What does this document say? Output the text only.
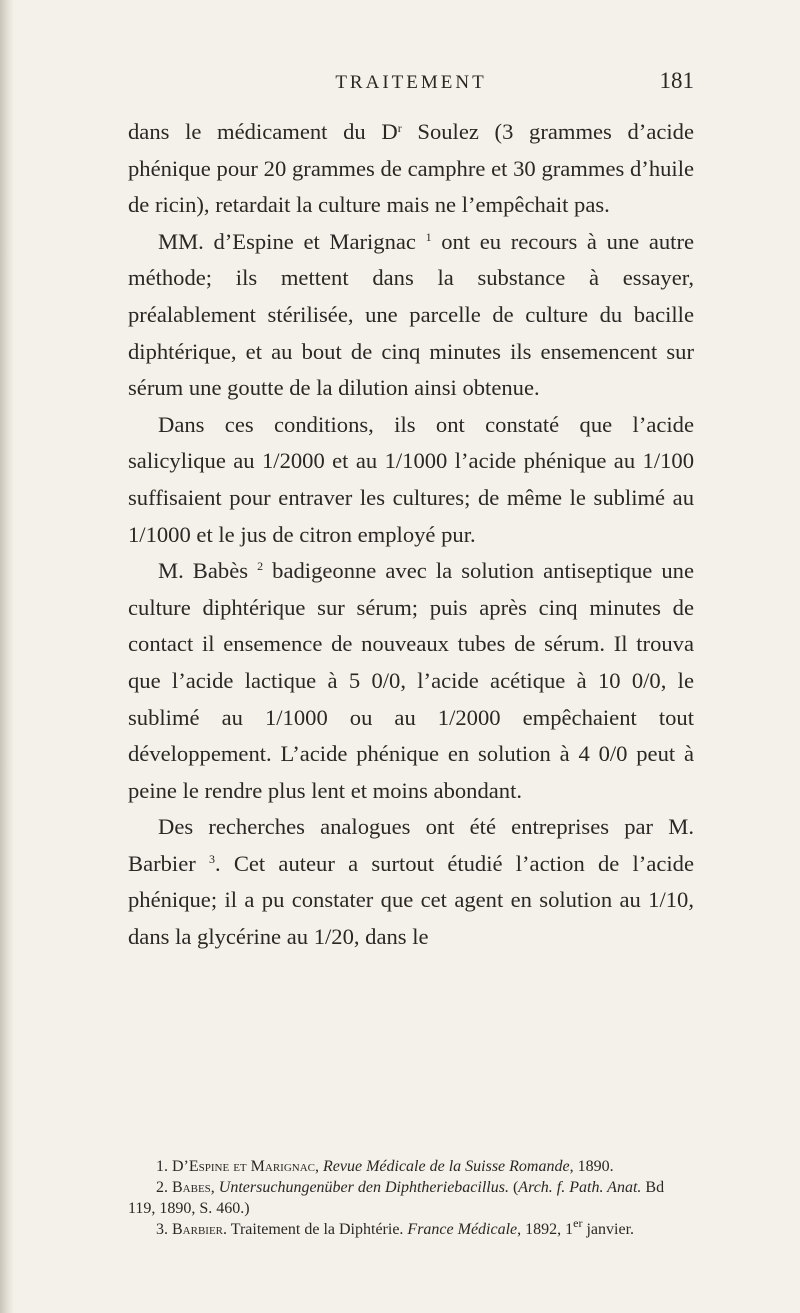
TRAITEMENT	181

dans le médicament du $D^r$ Soulez (3 grammes d’acide phénique pour 20 grammes de camphre et 30 grammes d’huile de ricin), retardait la culture mais ne l’empêchait pas.

MM. d’Espine et Marignac $^1$ ont eu recours à une autre méthode; ils mettent dans la substance à essayer, préalablement stérilisée, une parcelle de culture du bacille diphtérique, et au bout de cinq minutes ils ensemencent sur sérum une goutte de la dilution ainsi obtenue.

Dans ces conditions, ils ont constaté que l’acide salicylique au 1/2000 et au 1/1000 l’acide phénique au 1/100 suffisaient pour entraver les cultures; de même le sublimé au 1/1000 et le jus de citron employé pur.

M. Babès $^2$ badigeonne avec la solution antiseptique une culture diphtérique sur sérum; puis après cinq minutes de contact il ensemence de nouveaux tubes de sérum. Il trouva que l’acide lactique à 5 0/0, l’acide acétique à 10 0/0, le sublimé au 1/1000 ou au 1/2000 empêchaient tout développement. L’acide phénique en solution à 4 0/0 peut à peine le rendre plus lent et moins abondant.

Des recherches analogues ont été entreprises par M. Barbier $^3$. Cet auteur a surtout étudié l’action de l’acide phénique; il a pu constater que cet agent en solution au 1/10, dans la glycérine au 1/20, dans le

1. D’Espine et Marignac, Revue Médicale de la Suisse Romande, 1890.

2. Babes, Untersuchungenüber den Diphtheriebacillus. (Arch. f. Path. Anat. Bd 119, 1890, S. 460.)

3. Barbier. Traitement de la Diphtérie. France Médicale, 1892, 1er janvier.
